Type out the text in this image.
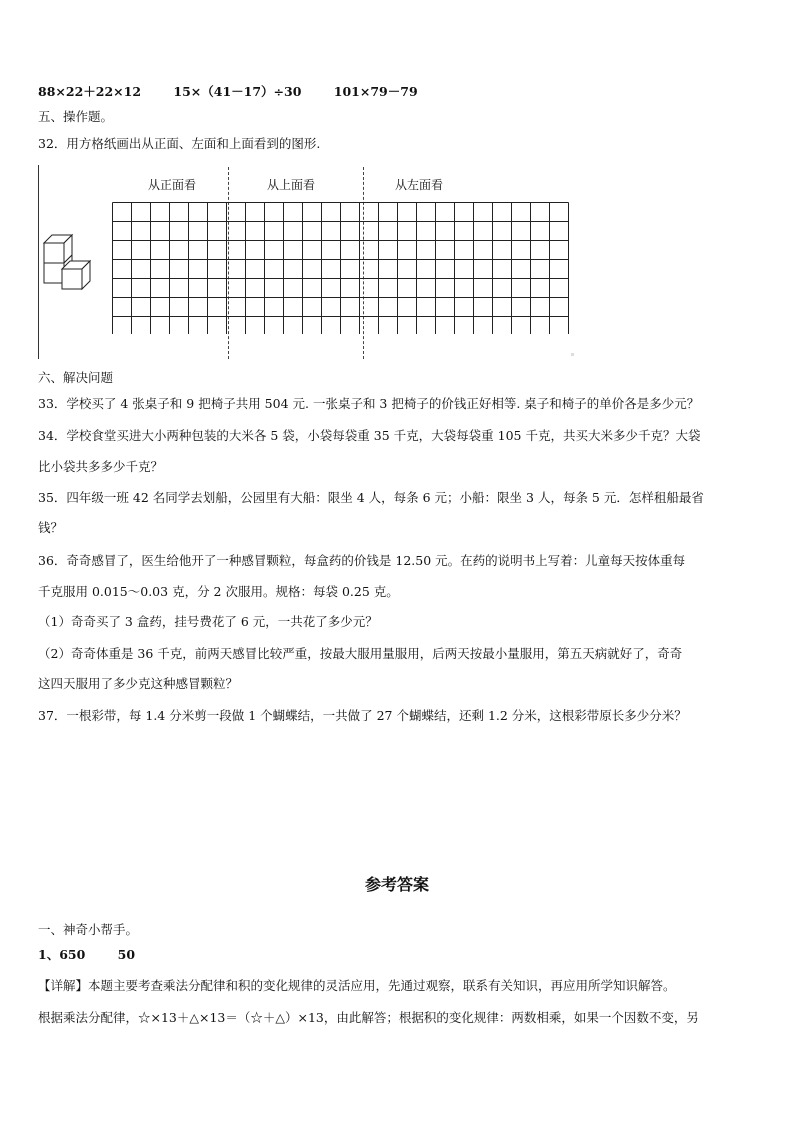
88×22＋22×12	15×（41－17）÷30	101×79－79
五、操作题。
32．用方格纸画出从正面、左面和上面看到的图形.
从正面看	从上面看	从左面看
六、解决问题
33．学校买了 4 张桌子和 9 把椅子共用 504 元. 一张桌子和 3 把椅子的价钱正好相等. 桌子和椅子的单价各是多少元？
34．学校食堂买进大小两种包装的大米各 5 袋，小袋每袋重 35 千克，大袋每袋重 105 千克，共买大米多少千克？大袋
比小袋共多多少千克？
35．四年级一班 42 名同学去划船，公园里有大船：限坐 4 人，每条 6 元；小船：限坐 3 人，每条 5 元．怎样租船最省
钱？
36．奇奇感冒了，医生给他开了一种感冒颗粒，每盒药的价钱是 12.50 元。在药的说明书上写着：儿童每天按体重每
千克服用 0.015～0.03 克，分 2 次服用。规格：每袋 0.25 克。
（1）奇奇买了 3 盒药，挂号费花了 6 元，一共花了多少元？
（2）奇奇体重是 36 千克，前两天感冒比较严重，按最大服用量服用，后两天按最小量服用，第五天病就好了，奇奇
这四天服用了多少克这种感冒颗粒？
37．一根彩带，每 1.4 分米剪一段做 1 个蝴蝶结，一共做了 27 个蝴蝶结，还剩 1.2 分米，这根彩带原长多少分米？
参考答案
一、神奇小帮手。
1、650	50
【详解】本题主要考查乘法分配律和积的变化规律的灵活应用，先通过观察，联系有关知识，再应用所学知识解答。
根据乘法分配律，☆×13＋△×13＝（☆＋△）×13，由此解答；根据积的变化规律：两数相乘，如果一个因数不变，另
